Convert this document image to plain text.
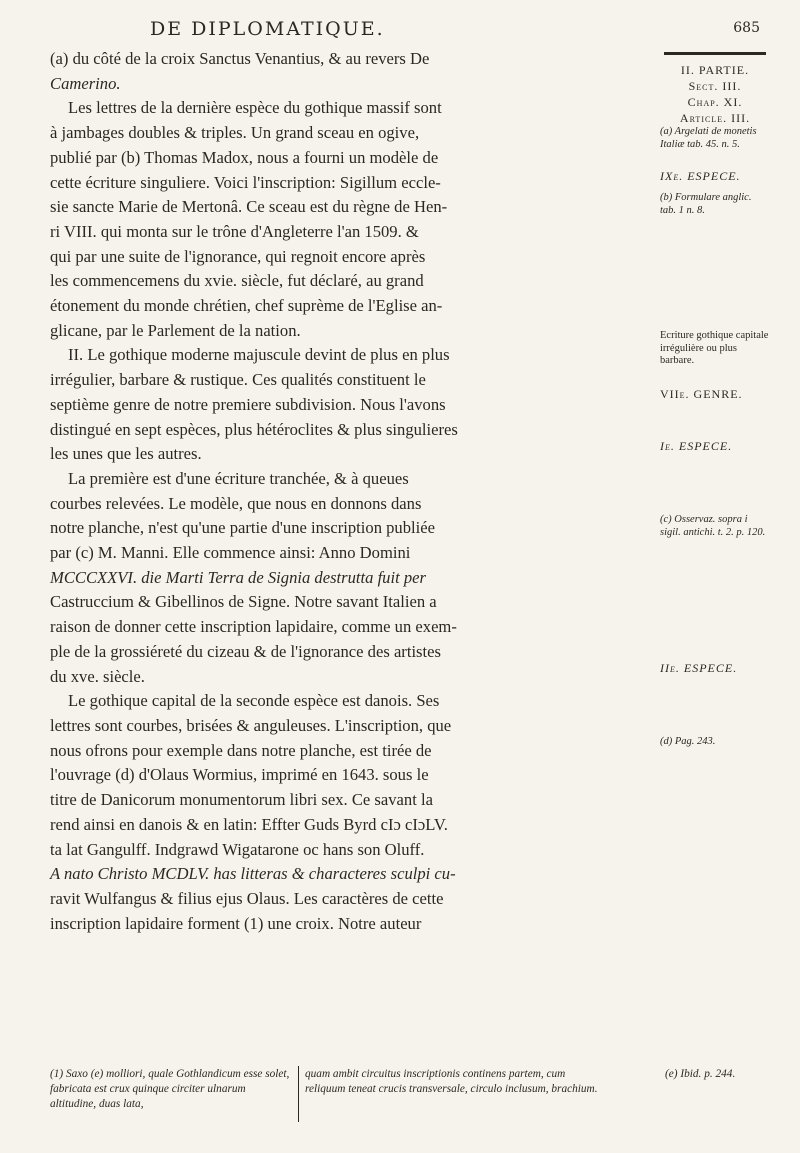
DE DIPLOMATIQUE.	685

(a) du côté de la croix Sanctus Venantius, & au revers De

Camerino.

Les lettres de la dernière espèce du gothique massif sont

à jambages doubles & triples. Un grand sceau en ogive,

publié par (b) Thomas Madox, nous a fourni un modèle de

cette écriture singuliere. Voici l'inscription: Sigillum eccle-

sie sancte Marie de Mertonâ. Ce sceau est du règne de Hen-

ri VIII. qui monta sur le trône d'Angleterre l'an 1509. &

qui par une suite de l'ignorance, qui regnoit encore après

les commencemens du xvie. siècle, fut déclaré, au grand

étonement du monde chrétien, chef suprème de l'Eglise an-

glicane, par le Parlement de la nation.

II. Le gothique moderne majuscule devint de plus en plus

irrégulier, barbare & rustique. Ces qualités constituent le

septième genre de notre premiere subdivision. Nous l'avons

distingué en sept espèces, plus hétéroclites & plus singulieres

les unes que les autres.

La première est d'une écriture tranchée, & à queues

courbes relevées. Le modèle, que nous en donnons dans

notre planche, n'est qu'une partie d'une inscription publiée

par (c) M. Manni. Elle commence ainsi: Anno Domini

MCCCXXVI. die Marti Terra de Signia destrutta fuit per

Castruccium & Gibellinos de Signe. Notre savant Italien a

raison de donner cette inscription lapidaire, comme un exem-

ple de la grossiéreté du cizeau & de l'ignorance des artistes

du xve. siècle.

Le gothique capital de la seconde espèce est danois. Ses

lettres sont courbes, brisées & anguleuses. L'inscription, que

nous ofrons pour exemple dans notre planche, est tirée de

l'ouvrage (d) d'Olaus Wormius, imprimé en 1643. sous le

titre de Danicorum monumentorum libri sex. Ce savant la

rend ainsi en danois & en latin: Effter Guds Byrd cIɔ cIɔLV.

ta lat Gangulff. Indgrawd Wigatarone oc hans son Oluff.

A nato Christo MCDLV. has litteras & characteres sculpi cu-

ravit Wulfangus & filius ejus Olaus. Les caractères de cette

inscription lapidaire forment (1) une croix. Notre auteur

II. PARTIE.
Sect. III.
Chap. XI.
Article. III.
(a) Argelati de monetis Italiæ tab. 45. n. 5.
IXe. ESPECE.
(b) Formulare anglic. tab. 1 n. 8.
Ecriture gothique capitale irrégulière ou plus barbare.
VIIe. GENRE.
Ie. ESPECE.
(c) Osservaz. sopra i sigil. antichi. t. 2. p. 120.
IIe. ESPECE.
(d) Pag. 243.
(1) Saxo (e) molliori, quale Gothlandicum esse solet, fabricata est crux quinque circiter ulnarum altitudine, duas lata,
quam ambit circuitus inscriptionis continens partem, cum reliquum teneat crucis transversale, circulo inclusum, brachium.
(e) Ibid. p. 244.
